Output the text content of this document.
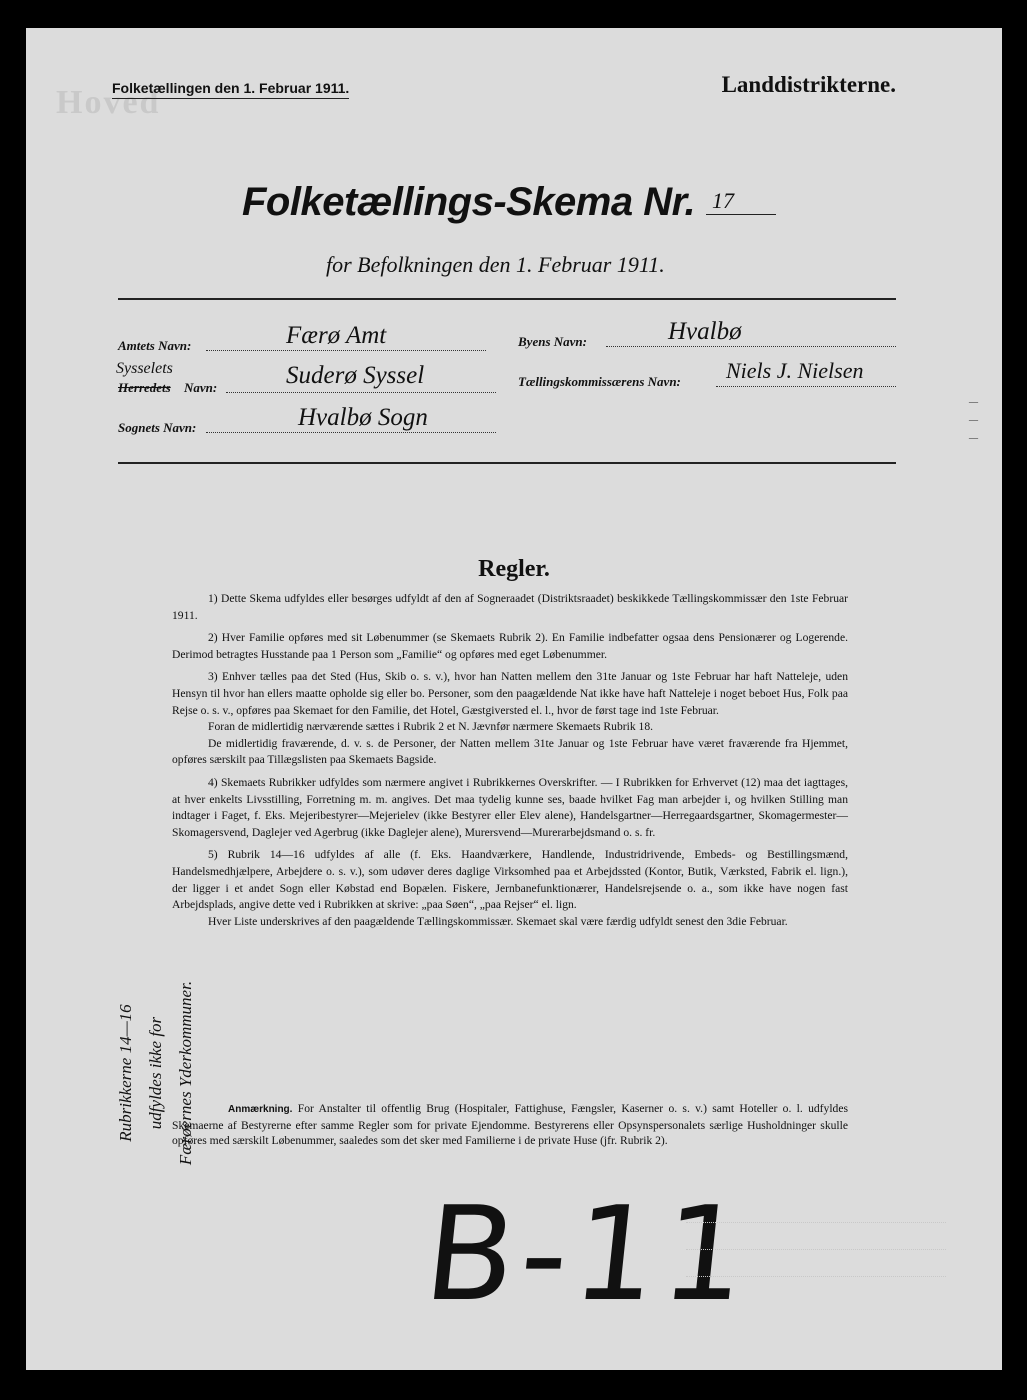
Hoved
Folketællingen den 1. Februar 1911.	Landdistrikterne.
Folketællings-Skema Nr. 17
for Befolkningen den 1. Februar 1911.
Amtets Navn:	Færø Amt	Byens Navn:	Hvalbø
Sysselets
Herredets Navn:	Suderø Syssel	Tællingskommissærens Navn: Niels J. Nielsen
Sognets Navn:	Hvalbø Sogn
–
–
–
Regler.

1) Dette Skema udfyldes eller besørges udfyldt af den af Sogneraadet (Distriktsraadet) beskikkede Tællingskommissær den 1ste Februar 1911.

2) Hver Familie opføres med sit Løbenummer (se Skemaets Rubrik 2). En Familie indbefatter ogsaa dens Pensionærer og Logerende. Derimod betragtes Husstande paa 1 Person som „Familie“ og opføres med eget Løbenummer.

3) Enhver tælles paa det Sted (Hus, Skib o. s. v.), hvor han Natten mellem den 31te Januar og 1ste Februar har haft Natteleje, uden Hensyn til hvor han ellers maatte opholde sig eller bo. Personer, som den paagældende Nat ikke have haft Natteleje i noget beboet Hus, Folk paa Rejse o. s. v., opføres paa Skemaet for den Familie, det Hotel, Gæstgiversted el. l., hvor de først tage ind 1ste Februar.

Foran de midlertidig nærværende sættes i Rubrik 2 et N. Jævnfør nærmere Skemaets Rubrik 18.

De midlertidig fraværende, d. v. s. de Personer, der Natten mellem 31te Januar og 1ste Februar have været fraværende fra Hjemmet, opføres særskilt paa Tillægslisten paa Skemaets Bagside.

4) Skemaets Rubrikker udfyldes som nærmere angivet i Rubrikkernes Overskrifter. — I Rubrikken for Erhvervet (12) maa det iagttages, at hver enkelts Livsstilling, Forretning m. m. angives. Det maa tydelig kunne ses, baade hvilket Fag man arbejder i, og hvilken Stilling man indtager i Faget, f. Eks. Mejeribestyrer—Mejerielev (ikke Bestyrer eller Elev alene), Handelsgartner—Herregaardsgartner, Skomagermester—Skomagersvend, Daglejer ved Agerbrug (ikke Daglejer alene), Murersvend—Murerarbejdsmand o. s. fr.

5) Rubrik 14—16 udfyldes af alle (f. Eks. Haandværkere, Handlende, Industridrivende, Embeds- og Bestillingsmænd, Handelsmedhjælpere, Arbejdere o. s. v.), som udøver deres daglige Virksomhed paa et Arbejdssted (Kontor, Butik, Værksted, Fabrik el. lign.), der ligger i et andet Sogn eller Købstad end Bopælen. Fiskere, Jernbanefunktionærer, Handelsrejsende o. a., som ikke have nogen fast Arbejdsplads, angive dette ved i Rubrikken at skrive: „paa Søen“, „paa Rejser“ el. lign.

Hver Liste underskrives af den paagældende Tællingskommissær. Skemaet skal være færdig udfyldt senest den 3die Februar.

Anmærkning. For Anstalter til offentlig Brug (Hospitaler, Fattighuse, Fængsler, Kaserner o. s. v.) samt Hoteller o. l. udfyldes Skemaerne af Bestyrerne efter samme Regler som for private Ejendomme. Bestyrerens eller Opsynspersonalets særlige Husholdninger skulle opføres med særskilt Løbenummer, saaledes som det sker med Familierne i de private Huse (jfr. Rubrik 2).
Rubrikkerne 14—16 udfyldes ikke for Færøernes Yderkommuner.
B-11
